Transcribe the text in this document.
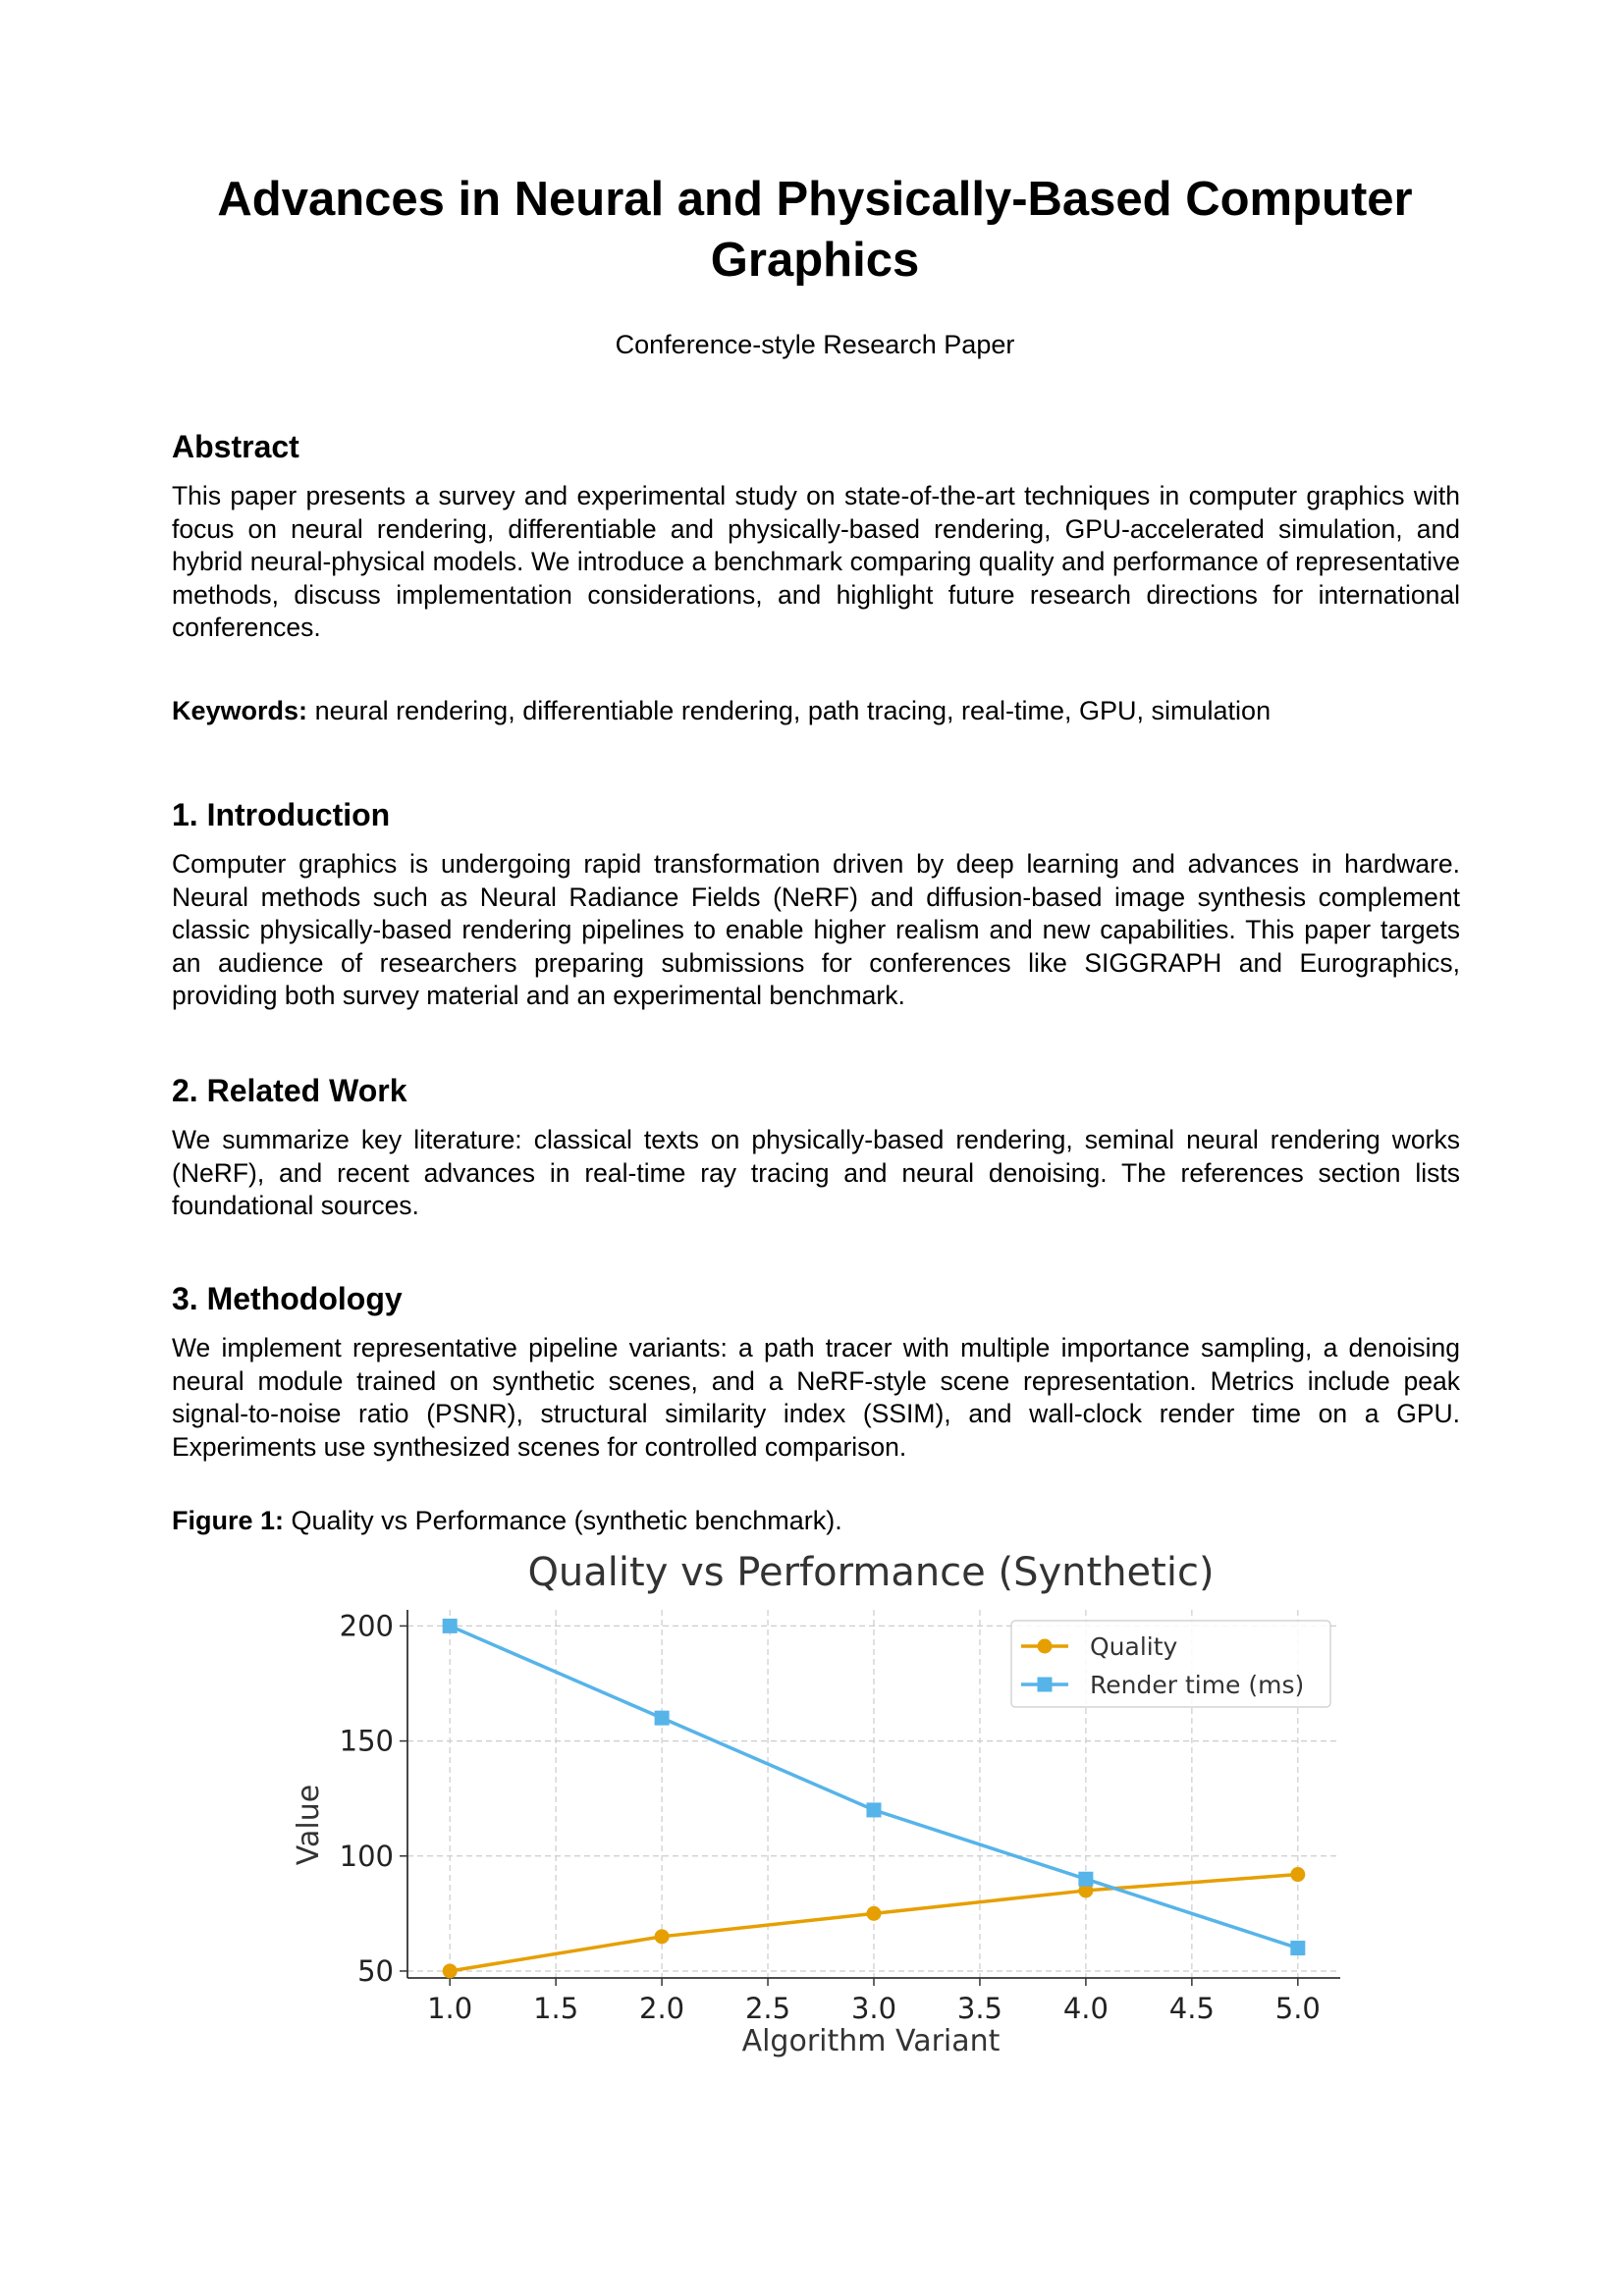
Advances in Neural and Physically-Based Computer Graphics

Conference-style Research Paper

Abstract

This paper presents a survey and experimental study on state-of-the-art techniques in computer graphics with focus on neural rendering, differentiable and physically-based rendering, GPU-accelerated simulation, and hybrid neural-physical models. We introduce a benchmark comparing quality and performance of representative methods, discuss implementation considerations, and highlight future research directions for international conferences.

Keywords: neural rendering, differentiable rendering, path tracing, real-time, GPU, simulation

1. Introduction

Computer graphics is undergoing rapid transformation driven by deep learning and advances in hardware. Neural methods such as Neural Radiance Fields (NeRF) and diffusion-based image synthesis complement classic physically-based rendering pipelines to enable higher realism and new capabilities. This paper targets an audience of researchers preparing submissions for conferences like SIGGRAPH and Eurographics, providing both survey material and an experimental benchmark.

2. Related Work

We summarize key literature: classical texts on physically-based rendering, seminal neural rendering works (NeRF), and recent advances in real-time ray tracing and neural denoising. The references section lists foundational sources.

3. Methodology

We implement representative pipeline variants: a path tracer with multiple importance sampling, a denoising neural module trained on synthetic scenes, and a NeRF-style scene representation. Metrics include peak signal-to-noise ratio (PSNR), structural similarity index (SSIM), and wall-clock render time on a GPU. Experiments use synthesized scenes for controlled comparison.

Figure 1: Quality vs Performance (synthetic benchmark).

Quality vs Performance (Synthetic)
1.0 1.5 2.0 2.5 3.0 3.5 4.0 4.5 5.0
50
100
150
200
Algorithm Variant
Value
Quality
Render time (ms)
